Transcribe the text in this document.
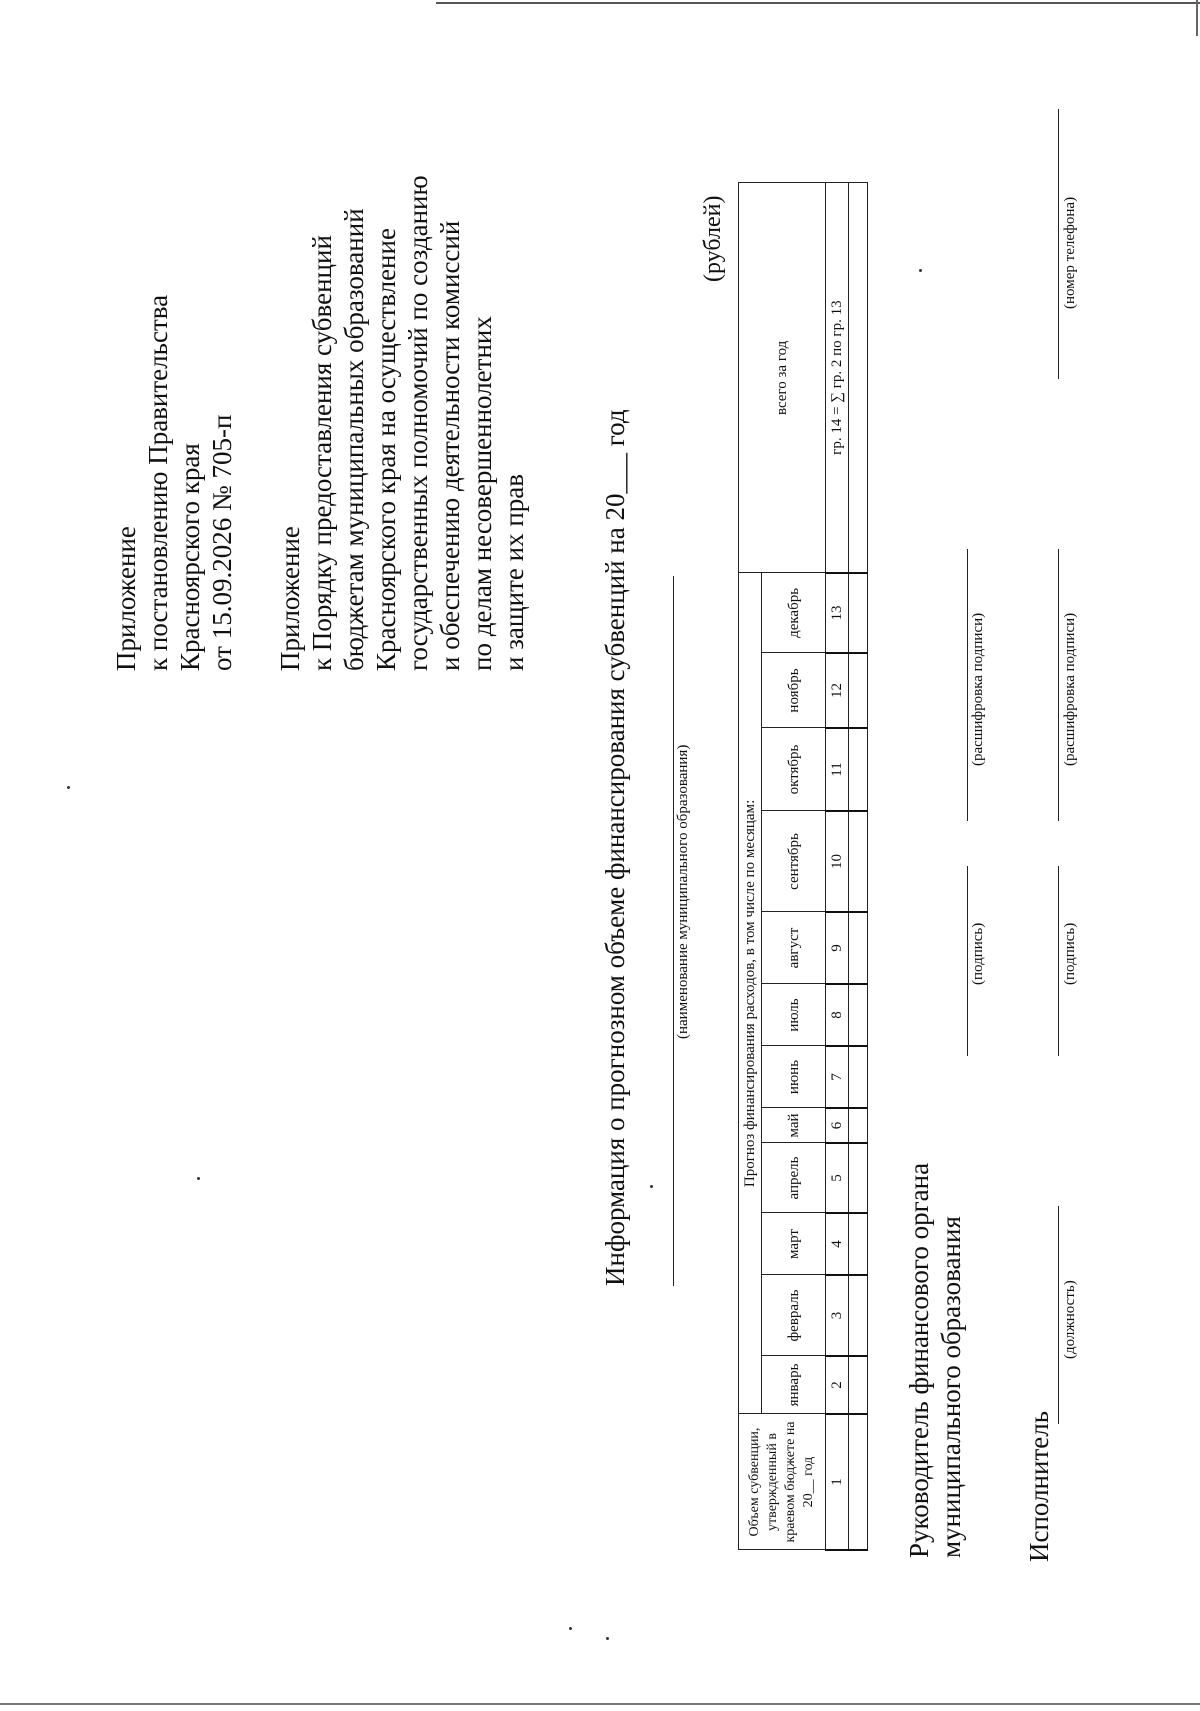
Приложение к постановлению Правительства Красноярского края от 15.09.2026 № 705-п Приложение к Порядку предоставления субвенций бюджетам муниципальных образований Красноярского края на осуществление государственных полномочий по созданию и обеспечению деятельности комиссий по делам несовершеннолетних и защите их прав	Информация о прогнозном объеме финансирования субвенций на 20___ год	(наименование муниципального образования)
(рублей)
Объем субвенции, утвержденный в краевом бюджете на 20__ год	Прогноз финансирования расходов, в том числе по месяцам:												всего за год
	январь	февраль	март	апрель	май	июнь	июль	август	сентябрь	октябрь	ноябрь	декабрь	
1	2	3	4	5	6	7	8	9	10	11	12	13	гр. 14 = ∑ гр. 2 по гр. 13

Руководитель финансового органа муниципального образования
(подпись)
(расшифровка подписи)
Исполнитель
(должность)
(подпись)
(расшифровка подписи)
(номер телефона)
